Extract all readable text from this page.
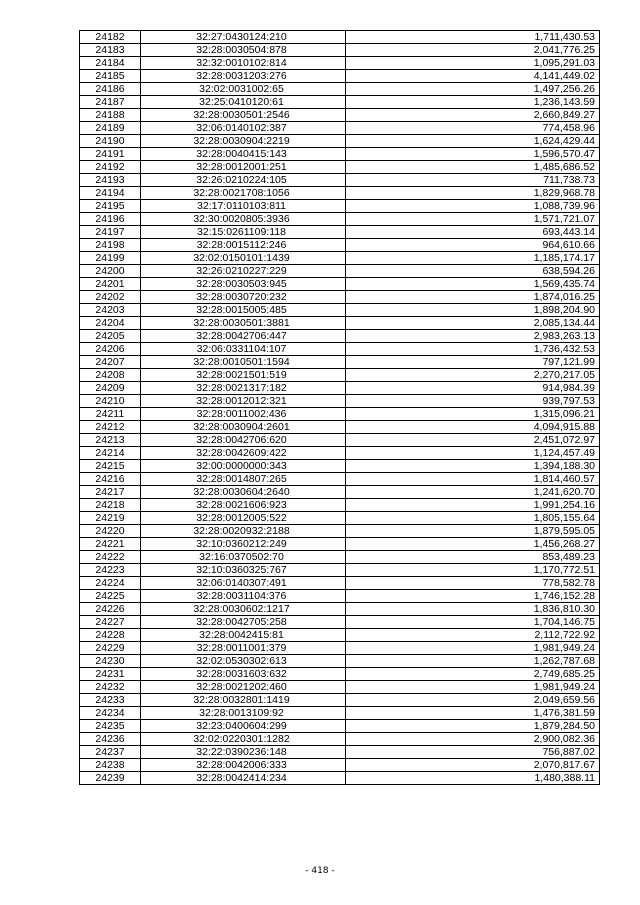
24182	32:27:0430124:210	1,711,430.53
24183	32:28:0030504:878	2,041,776.25
24184	32:32:0010102:814	1,095,291.03
24185	32:28:0031203:276	4,141,449.02
24186	32:02:0031002:65	1,497,256.26
24187	32:25:0410120:61	1,236,143.59
24188	32:28:0030501:2546	2,660,849.27
24189	32:06:0140102:387	774,458.96
24190	32:28:0030904:2219	1,624,429.44
24191	32:28:0040415:143	1,596,570.47
24192	32:28:0012001:251	1,485,686.52
24193	32:26:0210224:105	711,738.73
24194	32:28:0021708:1056	1,829,968.78
24195	32:17:0110103:811	1,088,739.96
24196	32:30:0020805:3936	1,571,721.07
24197	32:15:0261109:118	693,443.14
24198	32:28:0015112:246	964,610.66
24199	32:02:0150101:1439	1,185,174.17
24200	32:26:0210227:229	638,594.26
24201	32:28:0030503:945	1,569,435.74
24202	32:28:0030720:232	1,874,016.25
24203	32:28:0015005:485	1,898,204.90
24204	32:28:0030501:3881	2,085,134.44
24205	32:28:0042706:447	2,983,263.13
24206	32:06:0331104:107	1,736,432.53
24207	32:28:0010501:1594	797,121.99
24208	32:28:0021501:519	2,270,217.05
24209	32:28:0021317:182	914,984.39
24210	32:28:0012012:321	939,797.53
24211	32:28:0011002:436	1,315,096.21
24212	32:28:0030904:2601	4,094,915.88
24213	32:28:0042706:620	2,451,072.97
24214	32:28:0042609:422	1,124,457.49
24215	32:00:0000000:343	1,394,188.30
24216	32:28:0014807:265	1,814,460.57
24217	32:28:0030604:2640	1,241,620.70
24218	32:28:0021606:923	1,991,254.16
24219	32:28:0012005:522	1,805,155.64
24220	32:28:0020932:2188	1,879,595.05
24221	32:10:0360212:249	1,456,268.27
24222	32:16:0370502:70	853,489.23
24223	32:10:0360325:767	1,170,772.51
24224	32:06:0140307:491	778,582.78
24225	32:28:0031104:376	1,746,152.28
24226	32:28:0030602:1217	1,836,810.30
24227	32:28:0042705:258	1,704,146.75
24228	32:28:0042415:81	2,112,722.92
24229	32:28:0011001:379	1,981,949.24
24230	32:02:0530302:613	1,262,787.68
24231	32:28:0031603:632	2,749,685.25
24232	32:28:0021202:460	1,981,949.24
24233	32:28:0032801:1419	2,049,659.56
24234	32:28:0013109:92	1,476,381.59
24235	32:23:0400604:299	1,879,284.50
24236	32:02:0220301:1282	2,900,082.36
24237	32:22:0390236:148	756,887.02
24238	32:28:0042006:333	2,070,817.67
24239	32:28:0042414:234	1,480,388.11
- 418 -
